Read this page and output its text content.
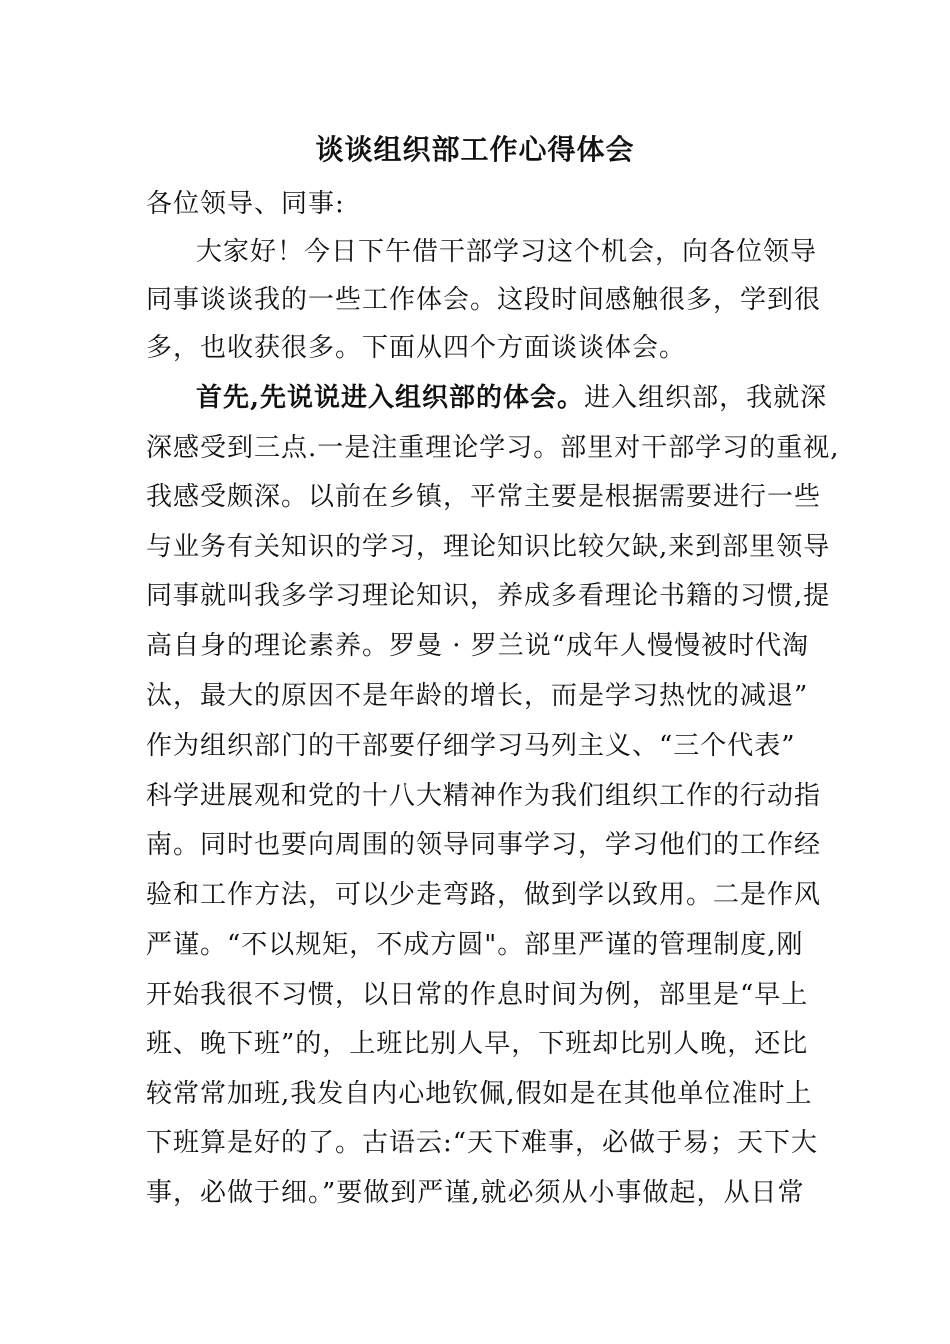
谈谈组织部工作心得体会
各位领导、同事:
大家好！今日下午借干部学习这个机会，向各位领导
同事谈谈我的一些工作体会。这段时间感触很多，学到很
多，也收获很多。下面从四个方面谈谈体会。
首先,先说说进入组织部的体会。进入组织部，我就深
深感受到三点.一是注重理论学习。部里对干部学习的重视,
我感受颇深。以前在乡镇，平常主要是根据需要进行一些
与业务有关知识的学习，理论知识比较欠缺,来到部里领导
同事就叫我多学习理论知识，养成多看理论书籍的习惯,提
高自身的理论素养。罗曼 · 罗兰说“成年人慢慢被时代淘
汰，最大的原因不是年龄的增长，而是学习热忱的减退”
作为组织部门的干部要仔细学习马列主义、“三个代表”
科学进展观和党的十八大精神作为我们组织工作的行动指
南。同时也要向周围的领导同事学习，学习他们的工作经
验和工作方法，可以少走弯路，做到学以致用。二是作风
严谨。“不以规矩，不成方圆"。部里严谨的管理制度,刚
开始我很不习惯，以日常的作息时间为例，部里是“早上
班、晚下班”的，上班比别人早，下班却比别人晚，还比
较常常加班,我发自内心地钦佩,假如是在其他单位准时上
下班算是好的了。古语云:“天下难事，必做于易；天下大
事，必做于细。”要做到严谨,就必须从小事做起，从日常
